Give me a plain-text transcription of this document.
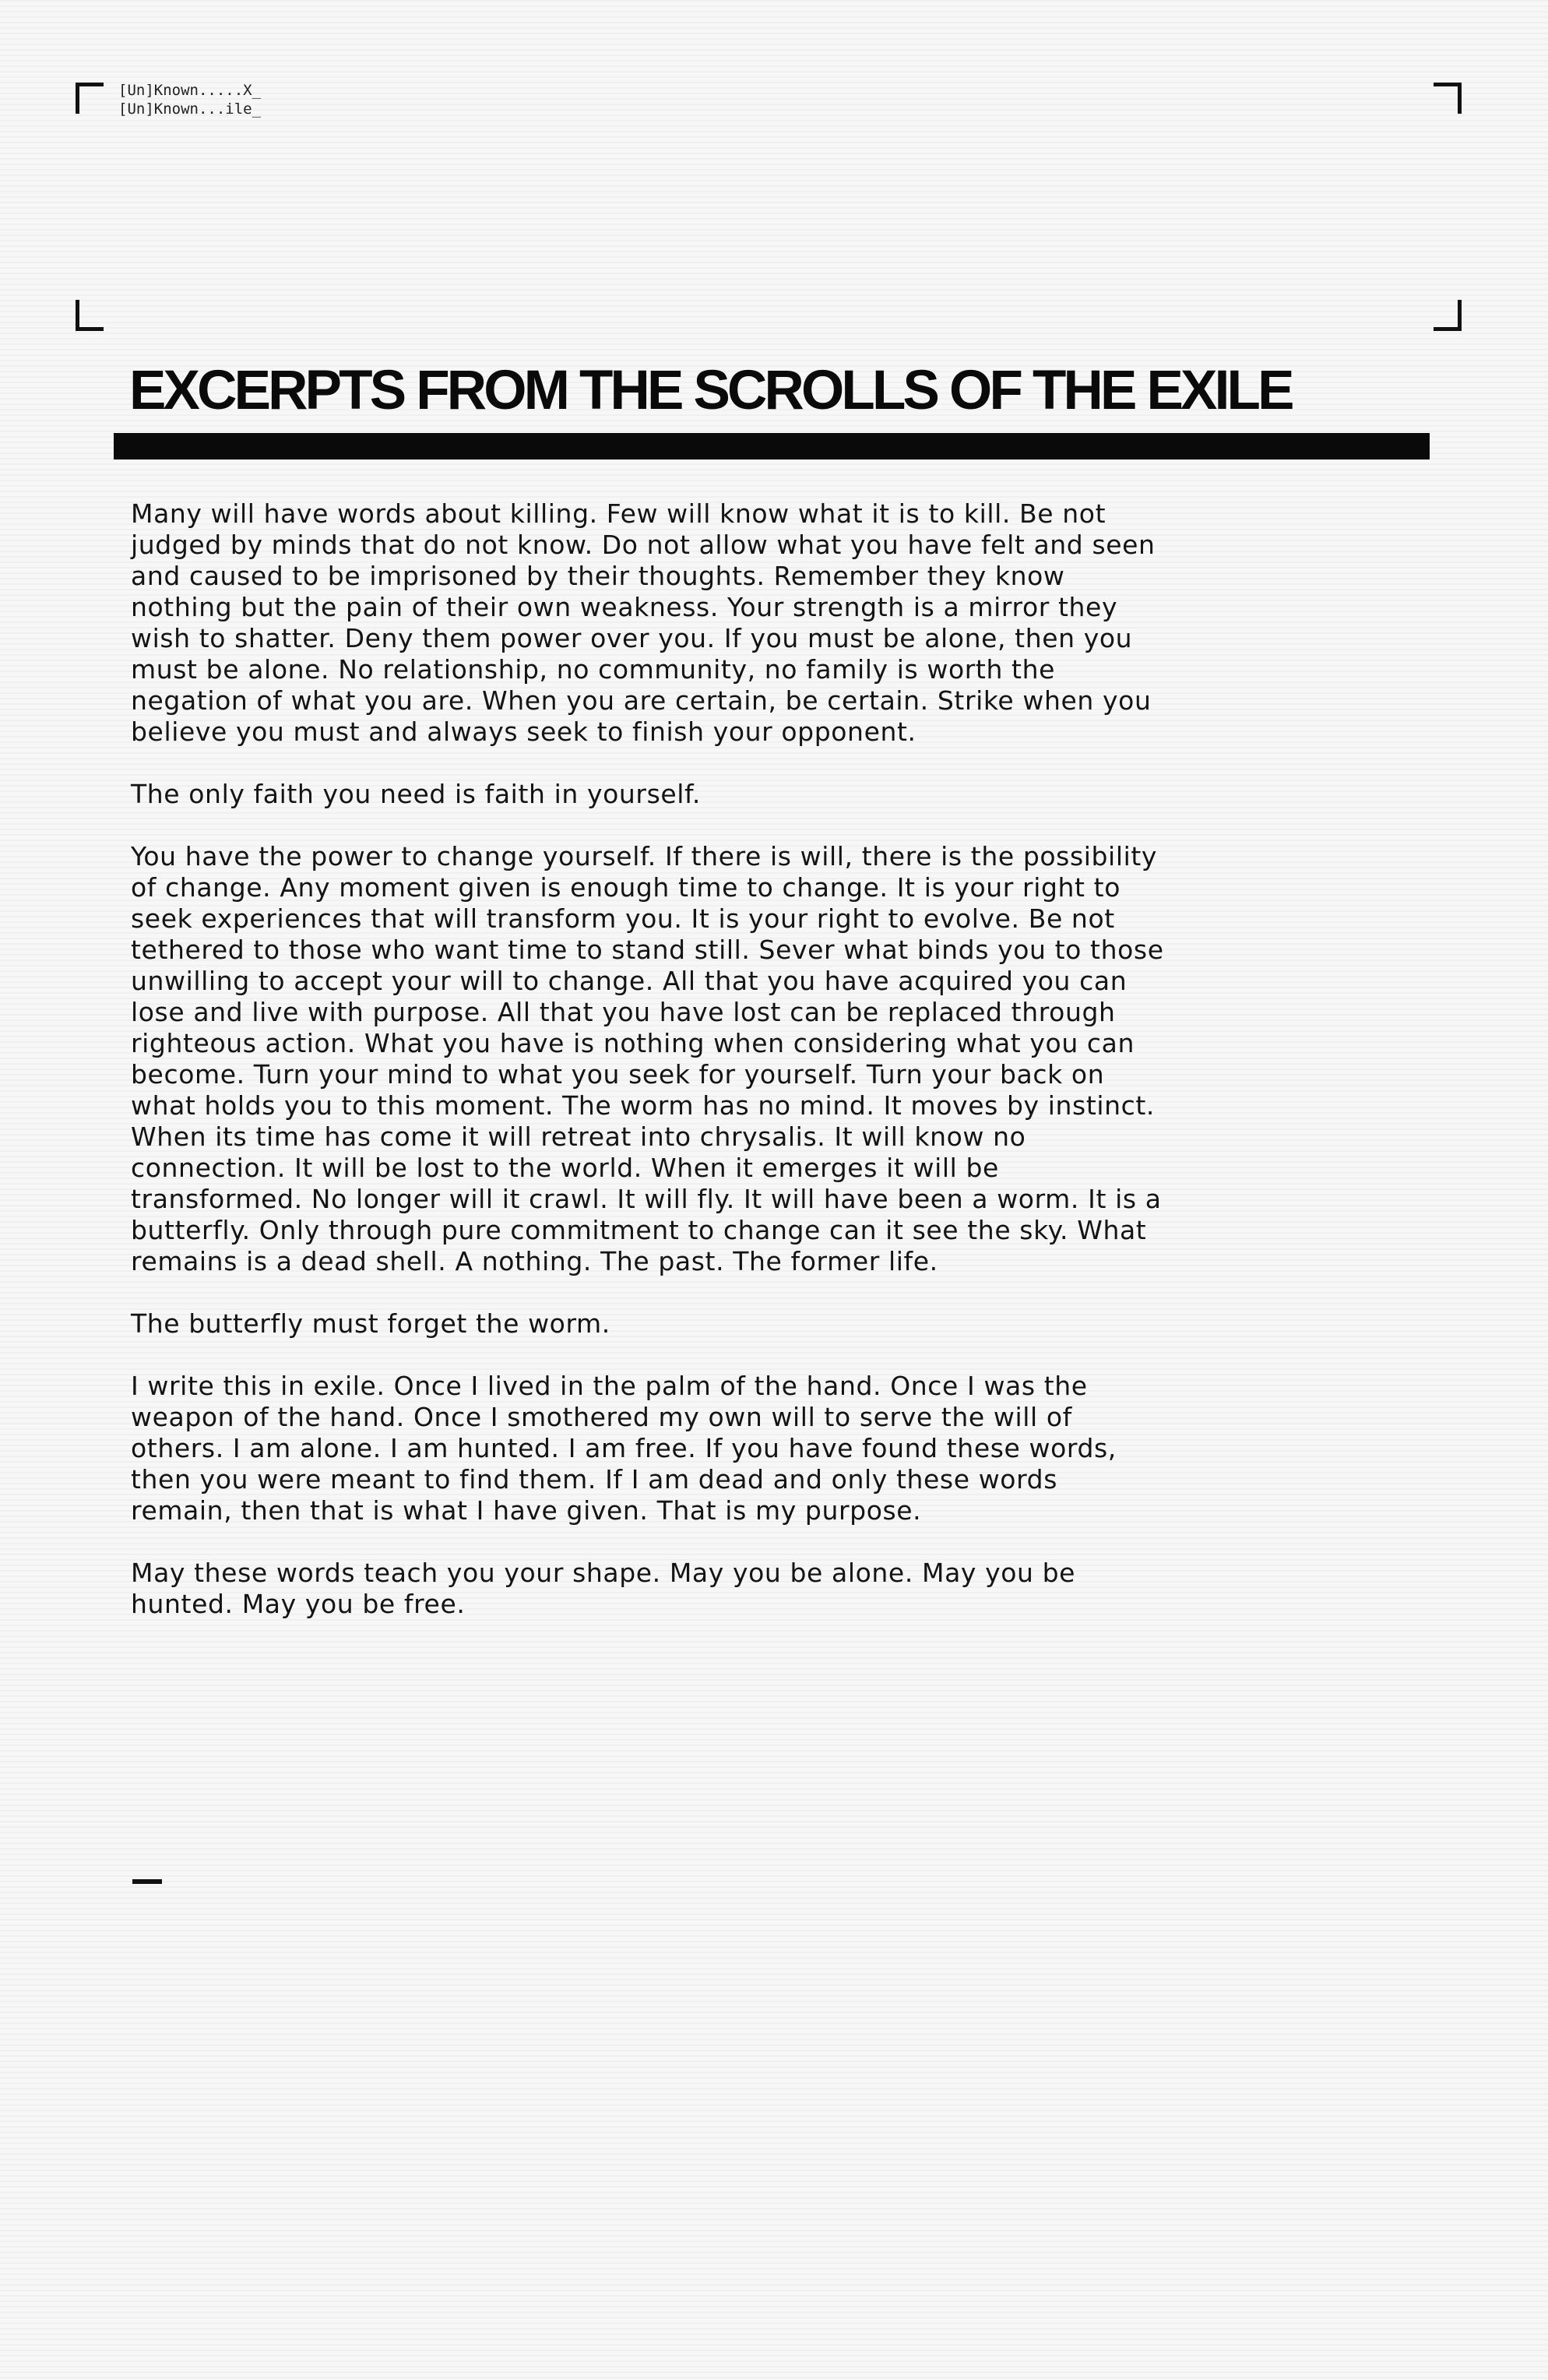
[Un]Known.....X_
[Un]Known...ile_
EXCERPTS FROM THE SCROLLS OF THE EXILE

Many will have words about killing. Few will know what it is to kill. Be not judged by minds that do not know. Do not allow what you have felt and seen and caused to be imprisoned by their thoughts. Remember they know nothing but the pain of their own weakness. Your strength is a mirror they wish to shatter. Deny them power over you. If you must be alone, then you must be alone. No relationship, no community, no family is worth the negation of what you are. When you are certain, be certain. Strike when you believe you must and always seek to finish your opponent.

The only faith you need is faith in yourself.

You have the power to change yourself. If there is will, there is the possibility of change. Any moment given is enough time to change. It is your right to seek experiences that will transform you. It is your right to evolve. Be not tethered to those who want time to stand still. Sever what binds you to those unwilling to accept your will to change. All that you have acquired you can lose and live with purpose. All that you have lost can be replaced through righteous action. What you have is nothing when considering what you can become. Turn your mind to what you seek for yourself. Turn your back on what holds you to this moment. The worm has no mind. It moves by instinct. When its time has come it will retreat into chrysalis. It will know no connection. It will be lost to the world. When it emerges it will be transformed. No longer will it crawl. It will fly. It will have been a worm. It is a butterfly. Only through pure commitment to change can it see the sky. What remains is a dead shell. A nothing. The past. The former life.

The butterfly must forget the worm.

I write this in exile. Once I lived in the palm of the hand. Once I was the weapon of the hand. Once I smothered my own will to serve the will of others. I am alone. I am hunted. I am free. If you have found these words, then you were meant to find them. If I am dead and only these words remain, then that is what I have given. That is my purpose.

May these words teach you your shape. May you be alone. May you be hunted. May you be free.
